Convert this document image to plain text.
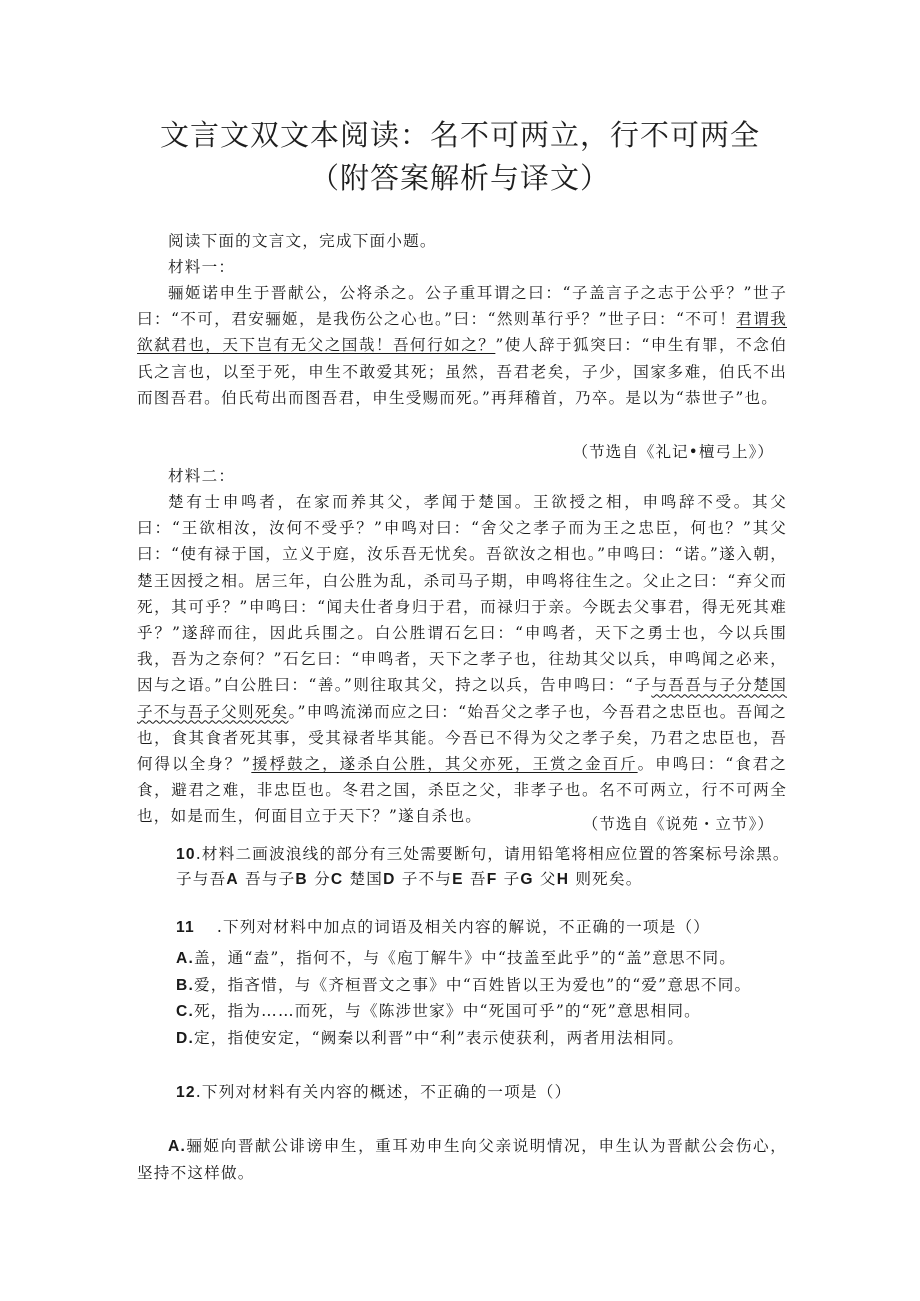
文言文双文本阅读：名不可两立，行不可两全
（附答案解析与译文）
阅读下面的文言文，完成下面小题。
材料一：
骊姬诺申生于晋献公，公将杀之。公子重耳谓之曰：“子盖言子之志于公乎？”世子曰：“不可，君安骊姬，是我伤公之心也。”曰：“然则革行乎？”世子曰：“不可！君谓我欲弑君也，天下岂有无父之国哉！吾何行如之？”使人辞于狐突曰：“申生有罪，不念伯氏之言也，以至于死，申生不敢爱其死；虽然，吾君老矣，子少，国家多难，伯氏不出而图吾君。伯氏苟出而图吾君，申生受赐而死。”再拜稽首，乃卒。是以为“恭世子”也。
（节选自《礼记•檀弓上》）
材料二：
楚有士申鸣者，在家而养其父，孝闻于楚国。王欲授之相，申鸣辞不受。其父曰：“王欲相汝，汝何不受乎？”申鸣对曰：“舍父之孝子而为王之忠臣，何也？”其父曰：“使有禄于国，立义于庭，汝乐吾无忧矣。吾欲汝之相也。”申鸣曰：“诺。”遂入朝，楚王因授之相。居三年，白公胜为乱，杀司马子期，申鸣将往生之。父止之曰：“弃父而死，其可乎？”申鸣曰：“闻夫仕者身归于君，而禄归于亲。今既去父事君，得无死其难乎？”遂辞而往，因此兵围之。白公胜谓石乞曰：“申鸣者，天下之勇士也，今以兵围我，吾为之奈何？”石乞曰：“申鸣者，天下之孝子也，往劫其父以兵，申鸣闻之必来，因与之语。”白公胜曰：“善。”则往取其父，持之以兵，告申鸣曰：“子与吾吾与子分楚国子不与吾子父则死矣。”申鸣流涕而应之曰：“始吾父之孝子也，今吾君之忠臣也。吾闻之也，食其食者死其事，受其禄者毕其能。今吾已不得为父之孝子矣，乃君之忠臣也，吾何得以全身？”援桴鼓之，遂杀白公胜，其父亦死，王赏之金百斤。申鸣曰：“食君之食，避君之难，非忠臣也。冬君之国，杀臣之父，非孝子也。名不可两立，行不可两全也，如是而生，何面目立于天下？”遂自杀也。	（节选自《说苑・立节》）
10.材料二画波浪线的部分有三处需要断句，请用铅笔将相应位置的答案标号涂黑。
子与吾A 吾与子B 分C 楚国D 子不与E 吾F 子G 父H 则死矣。
11 .下列对材料中加点的词语及相关内容的解说，不正确的一项是（）
A.盖，通“盍”，指何不，与《庖丁解牛》中“技盖至此乎”的“盖”意思不同。
B.爱，指吝惜，与《齐桓晋文之事》中“百姓皆以王为爱也”的“爱”意思不同。
C.死，指为……而死，与《陈涉世家》中“死国可乎”的“死”意思相同。
D.定，指使安定，“阙秦以利晋”中“利”表示使获利，两者用法相同。
12.下列对材料有关内容的概述，不正确的一项是（）
A.骊姬向晋献公诽谤申生，重耳劝申生向父亲说明情况，申生认为晋献公会伤心，坚持不这样做。
